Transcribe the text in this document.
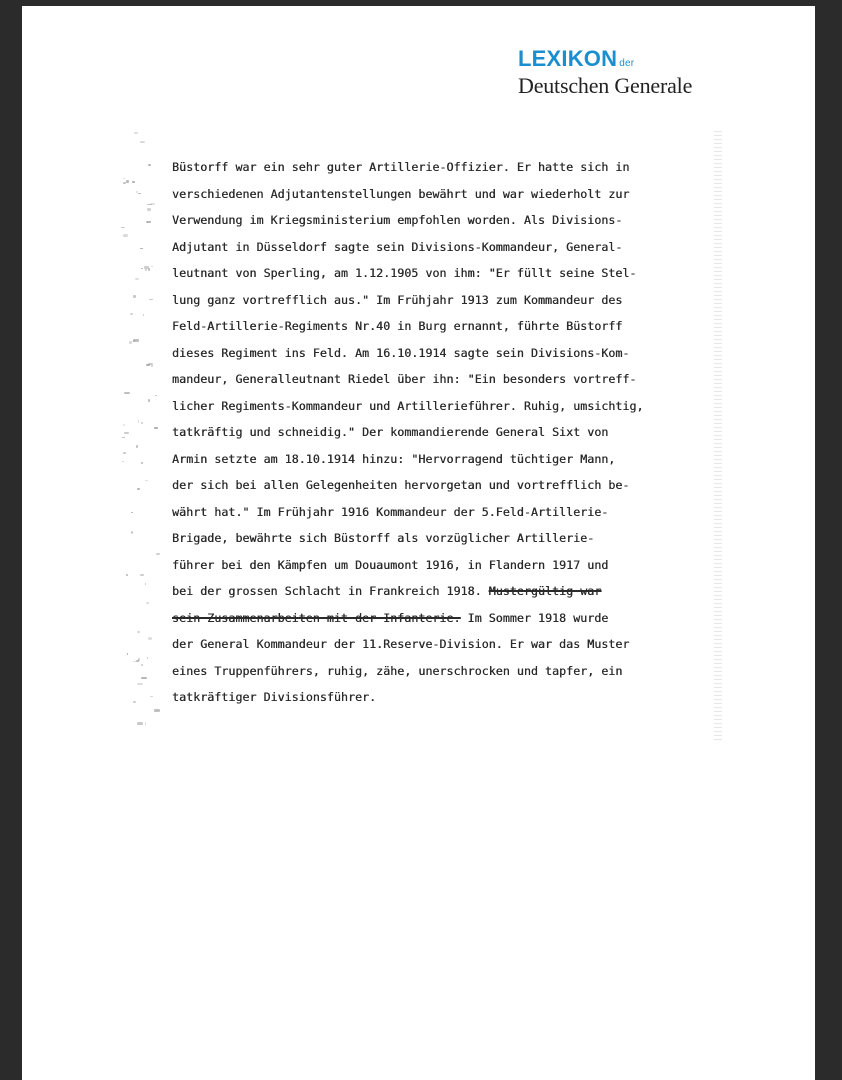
LEXIKON der
Deutschen Generale
Büstorff war ein sehr guter Artillerie-Offizier. Er hatte sich in
verschiedenen Adjutantenstellungen bewährt und war wiederholt zur
Verwendung im Kriegsministerium empfohlen worden. Als Divisions-
Adjutant in Düsseldorf sagte sein Divisions-Kommandeur, General-
leutnant von Sperling, am 1.12.1905 von ihm: "Er füllt seine Stel-
lung ganz vortrefflich aus." Im Frühjahr 1913 zum Kommandeur des
Feld-Artillerie-Regiments Nr.40 in Burg ernannt, führte Büstorff
dieses Regiment ins Feld. Am 16.10.1914 sagte sein Divisions-Kom-
mandeur, Generalleutnant Riedel über ihn: "Ein besonders vortreff-
licher Regiments-Kommandeur und Artillerieführer. Ruhig, umsichtig,
tatkräftig und schneidig." Der kommandierende General Sixt von
Armin setzte am 18.10.1914 hinzu: "Hervorragend tüchtiger Mann,
der sich bei allen Gelegenheiten hervorgetan und vortrefflich be-
währt hat." Im Frühjahr 1916 Kommandeur der 5.Feld-Artillerie-
Brigade, bewährte sich Büstorff als vorzüglicher Artillerie-
führer bei den Kämpfen um Douaumont 1916, in Flandern 1917 und
bei der grossen Schlacht in Frankreich 1918. Mustergültig war
sein Zusammenarbeiten mit der Infanterie. Im Sommer 1918 wurde
der General Kommandeur der 11.Reserve-Division. Er war das Muster
eines Truppenführers, ruhig, zähe, unerschrocken und tapfer, ein
tatkräftiger Divisionsführer.
